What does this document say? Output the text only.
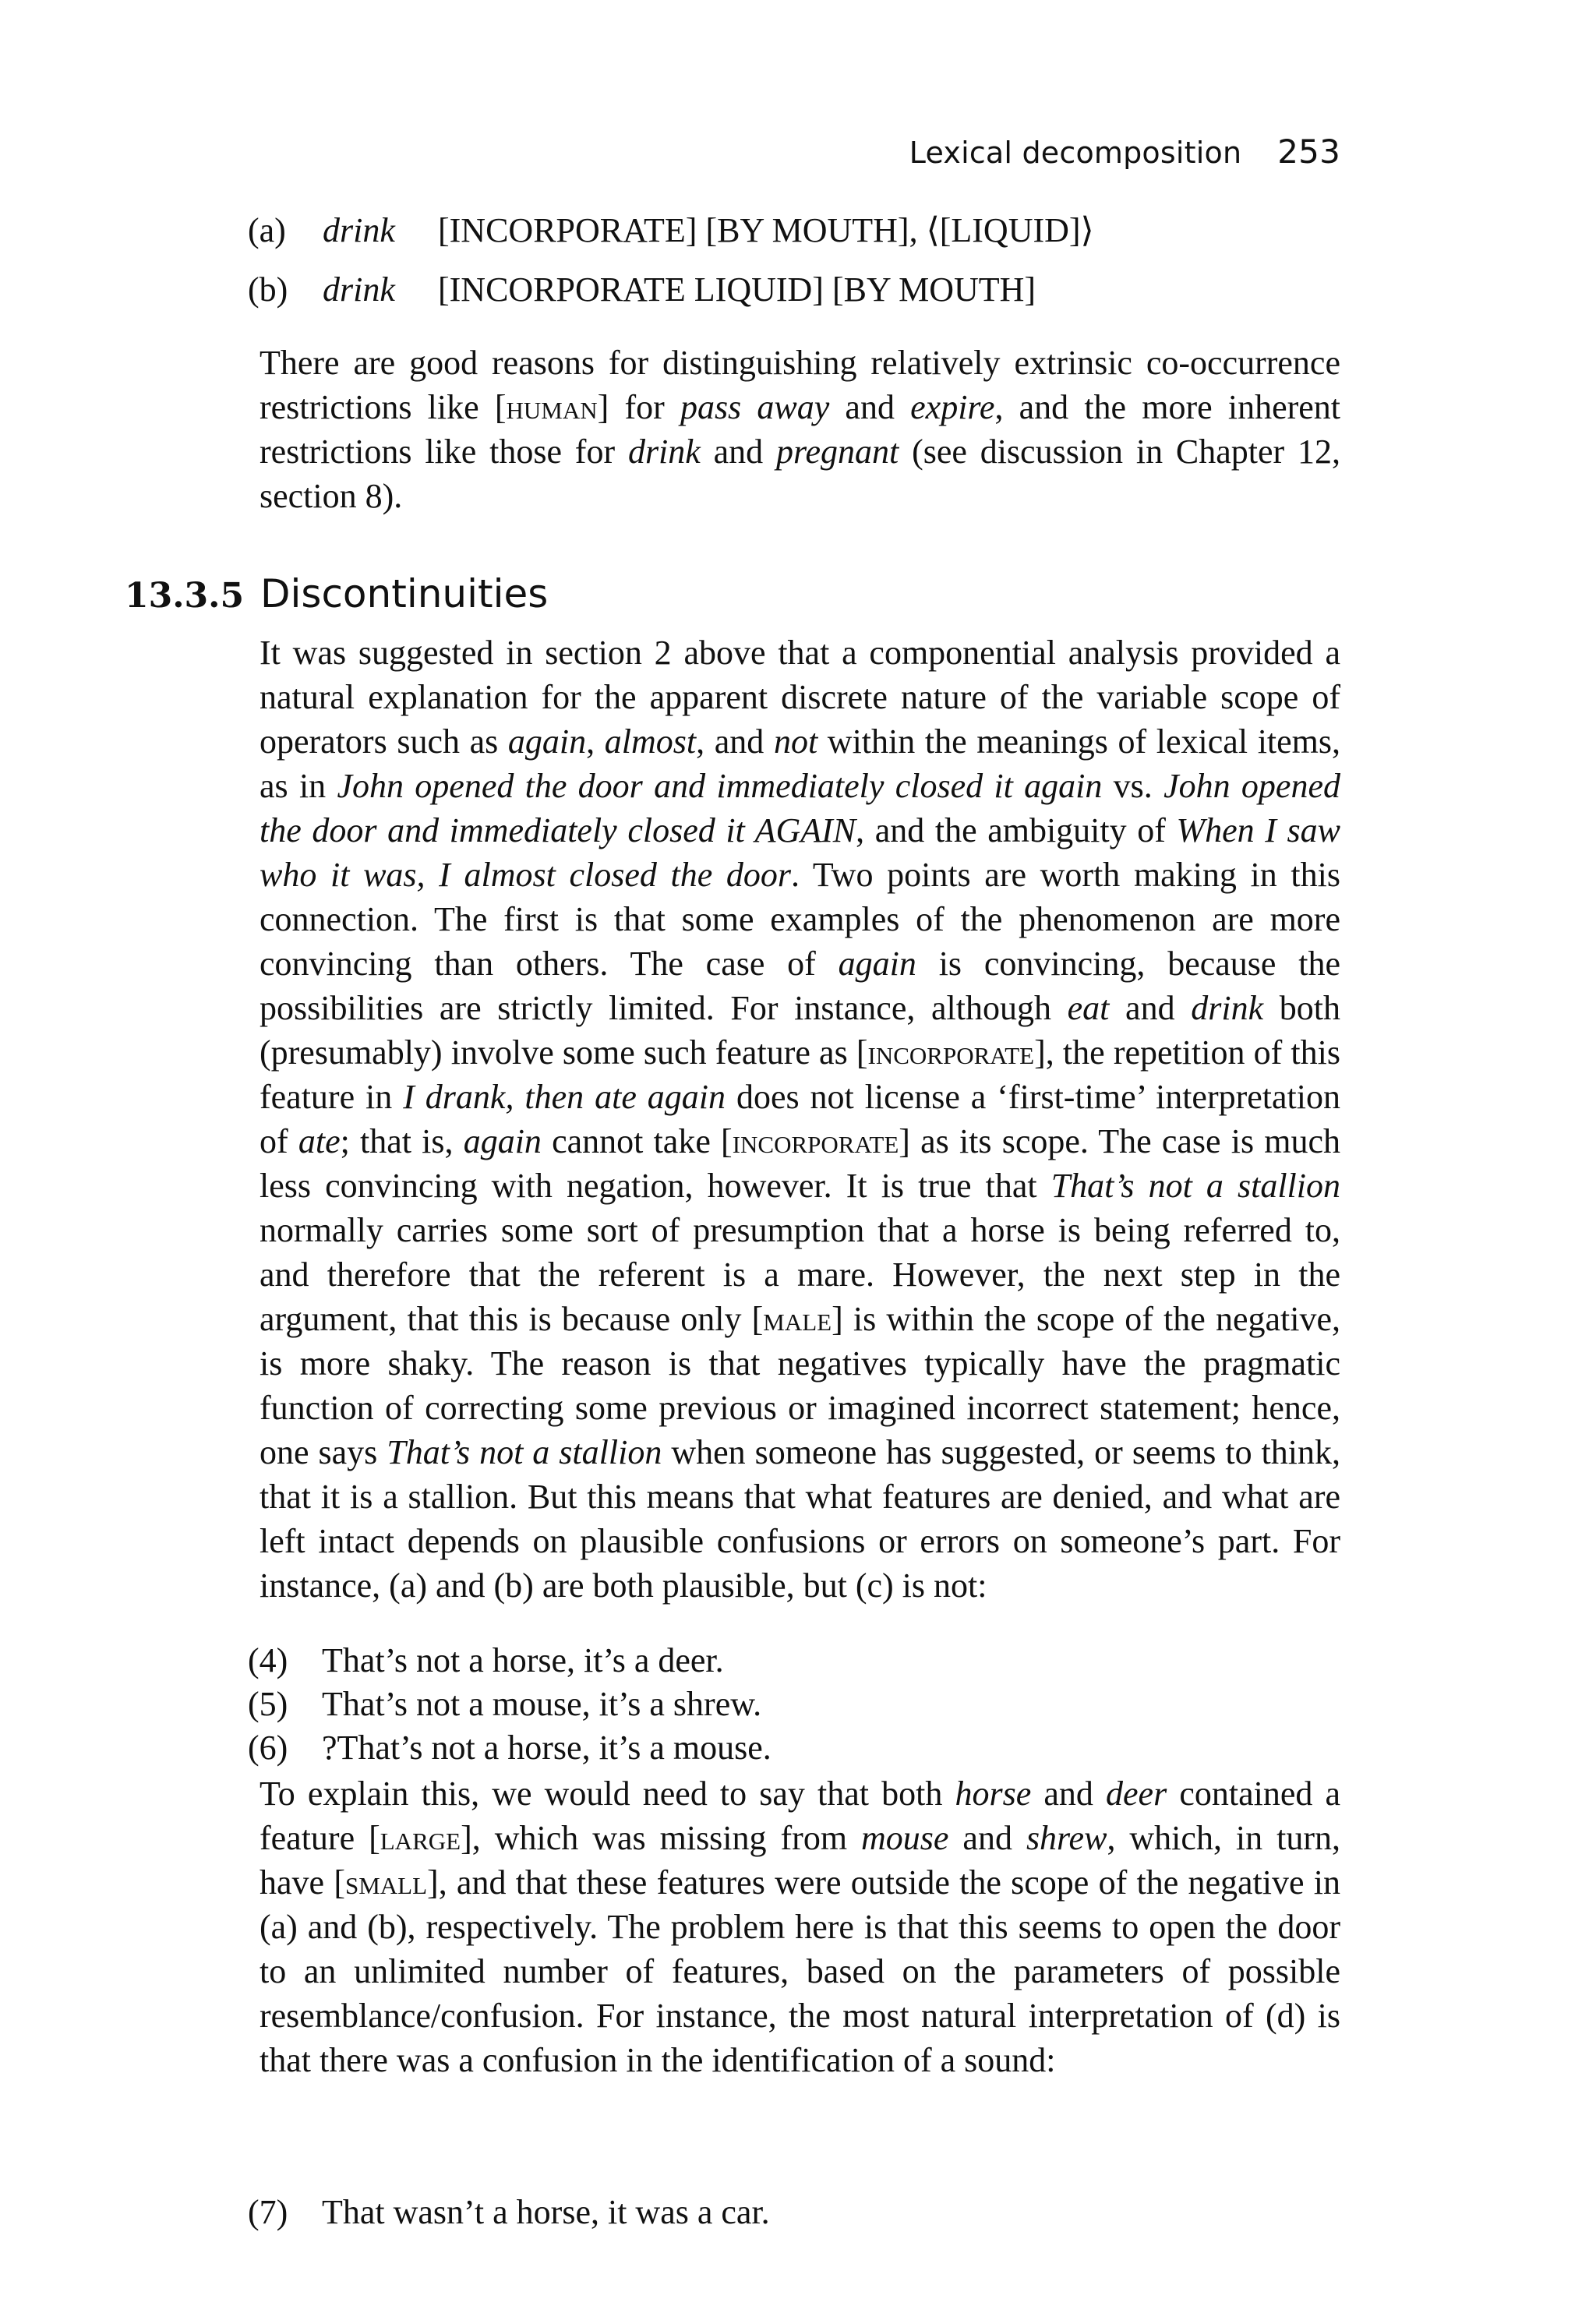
Lexical decomposition 253
(a)	drink	[INCORPORATE] [BY MOUTH], ⟨[LIQUID]⟩
(b)	drink	[INCORPORATE LIQUID] [BY MOUTH]
There are good reasons for distinguishing relatively extrinsic co-occurrence restrictions like [human] for pass away and expire, and the more inherent restrictions like those for drink and pregnant (see discussion in Chapter 12, section 8).
13.3.5 Discontinuities
It was suggested in section 2 above that a componential analysis provided a natural explanation for the apparent discrete nature of the variable scope of operators such as again, almost, and not within the meanings of lexical items, as in John opened the door and immediately closed it again vs. John opened the door and immediately closed it AGAIN, and the ambiguity of When I saw who it was, I almost closed the door. Two points are worth making in this connection. The first is that some examples of the phenomenon are more convincing than others. The case of again is convincing, because the possibilities are strictly limited. For instance, although eat and drink both (presumably) involve some such feature as [incorporate], the repetition of this feature in I drank, then ate again does not license a ‘first-time’ interpretation of ate; that is, again cannot take [incorporate] as its scope. The case is much less convincing with negation, however. It is true that That’s not a stallion normally carries some sort of presumption that a horse is being referred to, and therefore that the referent is a mare. However, the next step in the argument, that this is because only [male] is within the scope of the negative, is more shaky. The reason is that negatives typically have the pragmatic function of correcting some previous or imagined incorrect statement; hence, one says That’s not a stallion when someone has suggested, or seems to think, that it is a stallion. But this means that what features are denied, and what are left intact depends on plausible confusions or errors on someone’s part. For instance, (a) and (b) are both plausible, but (c) is not:
(4) That’s not a horse, it’s a deer.
(5) That’s not a mouse, it’s a shrew.
(6) ?That’s not a horse, it’s a mouse.
To explain this, we would need to say that both horse and deer contained a feature [large], which was missing from mouse and shrew, which, in turn, have [small], and that these features were outside the scope of the negative in (a) and (b), respectively. The problem here is that this seems to open the door to an unlimited number of features, based on the parameters of possible resemblance/confusion. For instance, the most natural interpretation of (d) is that there was a confusion in the identification of a sound:
(7) That wasn’t a horse, it was a car.
